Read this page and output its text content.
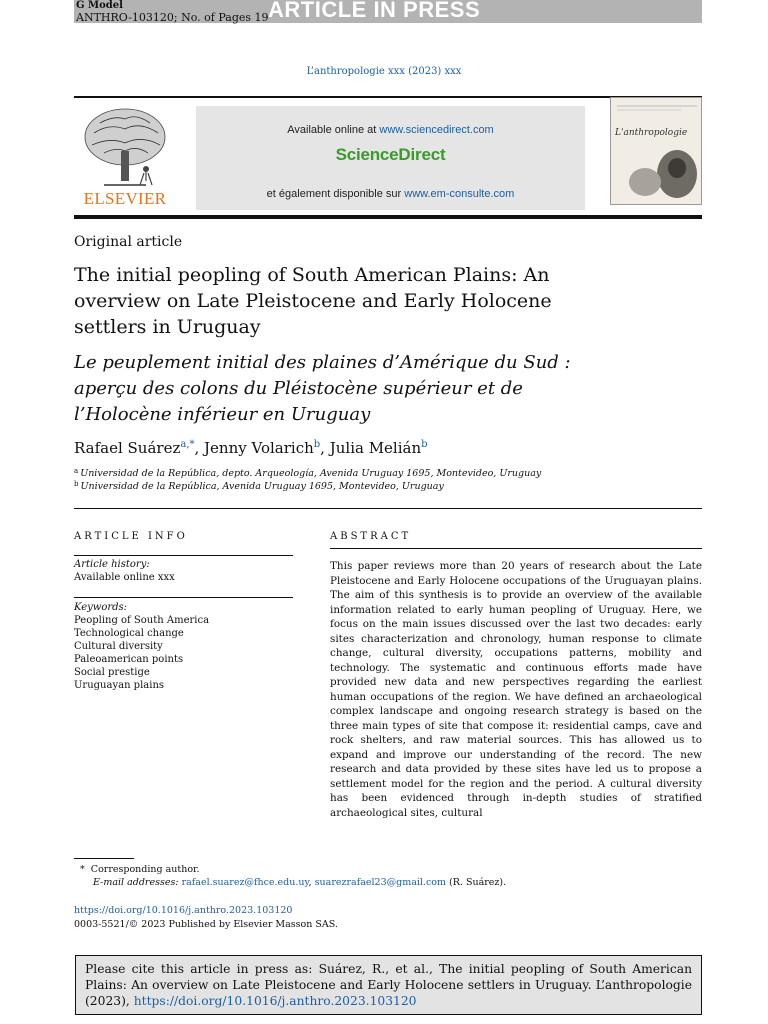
G Model
ANTHRO-103120; No. of Pages 19 ARTICLE IN PRESS
L’anthropologie xxx (2023) xxx
ELSEVIER
Available online at www.sciencedirect.com
ScienceDirect
et également disponible sur www.em-consulte.com
L'anthropologie
Original article
The initial peopling of South American Plains: An overview on Late Pleistocene and Early Holocene settlers in Uruguay
Le peuplement initial des plaines d’Amérique du Sud : aperçu des colons du Pléistocène supérieur et de l’Holocène inférieur en Uruguay
Rafael Suárez$^{a,*}$, Jenny Volarich$^b$, Julia Melián$^b$
$^a$ Universidad de la República, depto. Arqueología, Avenida Uruguay 1695, Montevideo, Uruguay
$^b$ Universidad de la República, Avenida Uruguay 1695, Montevideo, Uruguay
ARTICLE INFO
Article history:
Available online xxx
Keywords:
Peopling of South America
Technological change
Cultural diversity
Paleoamerican points
Social prestige
Uruguayan plains
ABSTRACT
This paper reviews more than 20 years of research about the Late Pleistocene and Early Holocene occupations of the Uruguayan plains. The aim of this synthesis is to provide an overview of the available information related to early human peopling of Uruguay. Here, we focus on the main issues discussed over the last two decades: early sites characterization and chronology, human response to climate change, cultural diversity, occupations patterns, mobility and technology. The systematic and continuous efforts made have provided new data and new perspectives regarding the earliest human occupations of the region. We have defined an archaeological complex landscape and ongoing research strategy is based on the three main types of site that compose it: residential camps, cave and rock shelters, and raw material sources. This has allowed us to expand and improve our understanding of the record. The new research and data provided by these sites have led us to propose a settlement model for the region and the period. A cultural diversity has been evidenced through in-depth studies of stratified archaeological sites, cultural
* Corresponding author.
E-mail addresses: rafael.suarez@fhce.edu.uy, suarezrafael23@gmail.com (R. Suárez).
https://doi.org/10.1016/j.anthro.2023.103120
0003-5521/© 2023 Published by Elsevier Masson SAS.
Please cite this article in press as: Suárez, R., et al., The initial peopling of South American Plains: An overview on Late Pleistocene and Early Holocene settlers in Uruguay. L’anthropologie (2023), https://doi.org/10.1016/j.anthro.2023.103120
